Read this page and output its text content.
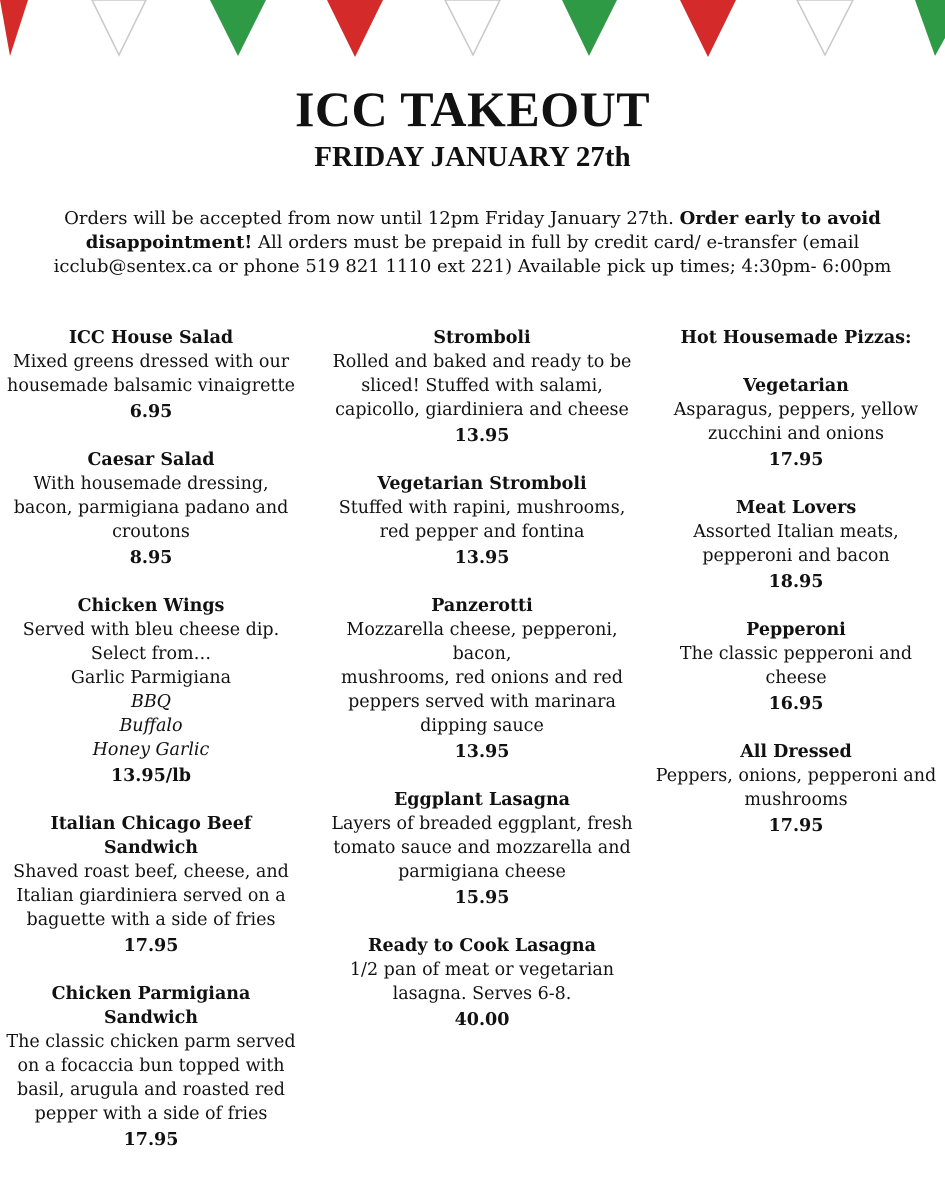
ICC TAKEOUT
FRIDAY JANUARY 27th
Orders will be accepted from now until 12pm Friday January 27th. Order early to avoid disappointment! All orders must be prepaid in full by credit card/ e-transfer (email icclub@sentex.ca or phone 519 821 1110 ext 221) Available pick up times; 4:30pm- 6:00pm
ICC House Salad
Mixed greens dressed with our housemade balsamic vinaigrette
6.95
Caesar Salad
With housemade dressing, bacon, parmigiana padano and croutons
8.95
Chicken Wings
Served with bleu cheese dip.
Select from…
Garlic Parmigiana
BBQ
Buffalo
Honey Garlic
13.95/lb
Italian Chicago Beef Sandwich
Shaved roast beef, cheese, and Italian giardiniera served on a baguette with a side of fries
17.95
Chicken Parmigiana Sandwich
The classic chicken parm served on a focaccia bun topped with basil, arugula and roasted red pepper with a side of fries
17.95
Stromboli
Rolled and baked and ready to be sliced! Stuffed with salami, capicollo, giardiniera and cheese
13.95
Vegetarian Stromboli
Stuffed with rapini, mushrooms, red pepper and fontina
13.95
Panzerotti
Mozzarella cheese, pepperoni, bacon,
mushrooms, red onions and red peppers served with marinara dipping sauce
13.95
Eggplant Lasagna
Layers of breaded eggplant, fresh tomato sauce and mozzarella and parmigiana cheese
15.95
Ready to Cook Lasagna
1/2 pan of meat or vegetarian lasagna. Serves 6-8.
40.00
Hot Housemade Pizzas:
Vegetarian
Asparagus, peppers, yellow zucchini and onions
17.95
Meat Lovers
Assorted Italian meats, pepperoni and bacon
18.95
Pepperoni
The classic pepperoni and cheese
16.95
All Dressed
Peppers, onions, pepperoni and mushrooms
17.95
